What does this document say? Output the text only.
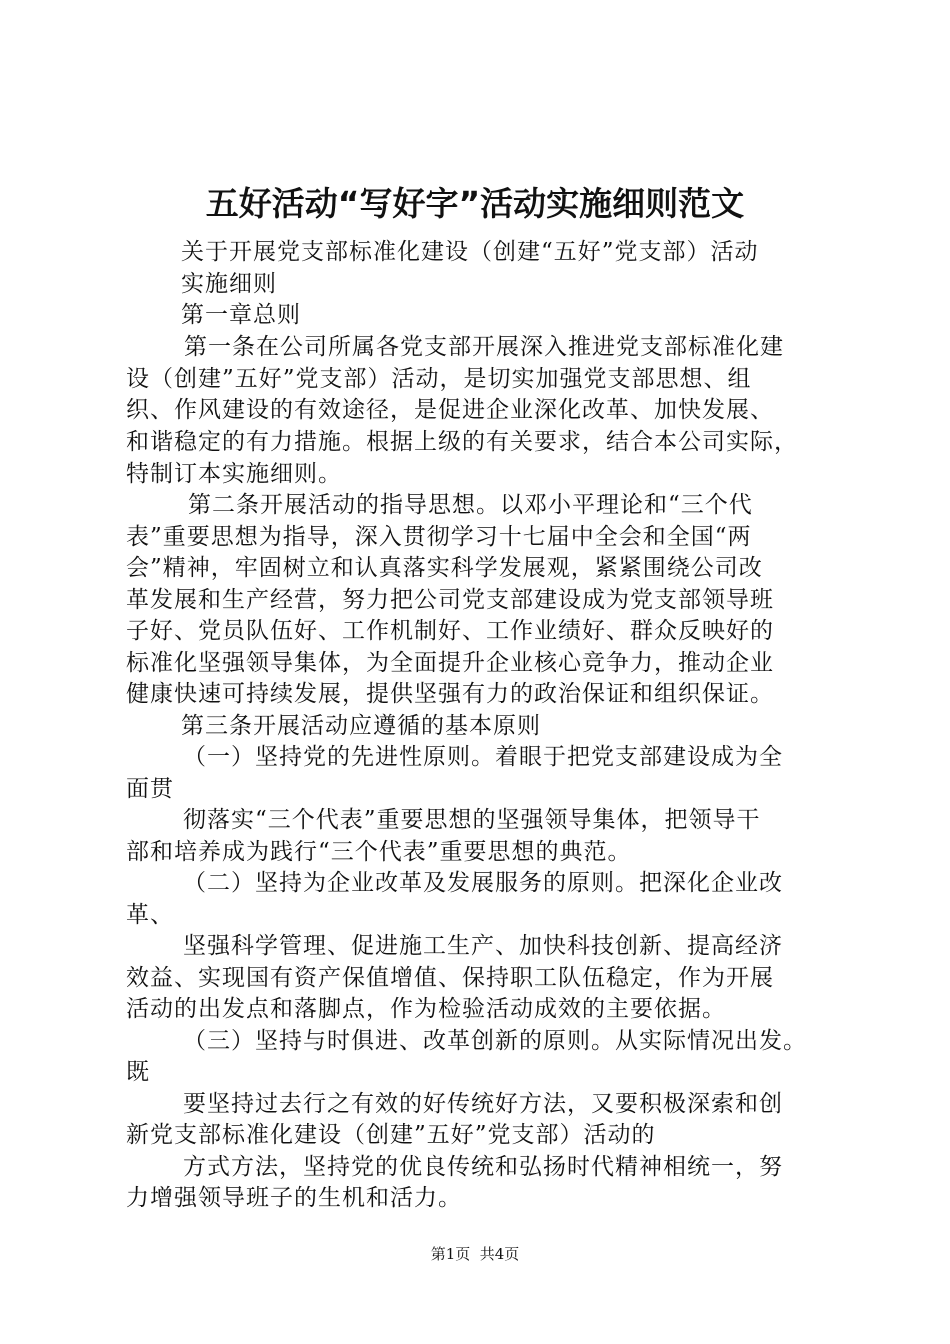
五好活动“写好字”活动实施细则范文
关于开展党支部标准化建设（创建“五好”党支部）活动
实施细则
第一章总则
第一条在公司所属各党支部开展深入推进党支部标准化建
设（创建”五好”党支部）活动，是切实加强党支部思想、组
织、作风建设的有效途径，是促进企业深化改革、加快发展、
和谐稳定的有力措施。根据上级的有关要求，结合本公司实际，
特制订本实施细则。
第二条开展活动的指导思想。以邓小平理论和“三个代
表”重要思想为指导，深入贯彻学习十七届中全会和全国“两
会”精神，牢固树立和认真落实科学发展观，紧紧围绕公司改
革发展和生产经营，努力把公司党支部建设成为党支部领导班
子好、党员队伍好、工作机制好、工作业绩好、群众反映好的
标准化坚强领导集体，为全面提升企业核心竞争力，推动企业
健康快速可持续发展，提供坚强有力的政治保证和组织保证。
第三条开展活动应遵循的基本原则
（一）坚持党的先进性原则。着眼于把党支部建设成为全
面贯
彻落实“三个代表”重要思想的坚强领导集体，把领导干
部和培养成为践行“三个代表”重要思想的典范。
（二）坚持为企业改革及发展服务的原则。把深化企业改
革、
坚强科学管理、促进施工生产、加快科技创新、提高经济
效益、实现国有资产保值增值、保持职工队伍稳定，作为开展
活动的出发点和落脚点，作为检验活动成效的主要依据。
（三）坚持与时俱进、改革创新的原则。从实际情况出发。
既
要坚持过去行之有效的好传统好方法，又要积极深索和创
新党支部标准化建设（创建”五好”党支部）活动的
方式方法，坚持党的优良传统和弘扬时代精神相统一，努
力增强领导班子的生机和活力。
第1页  共4页
